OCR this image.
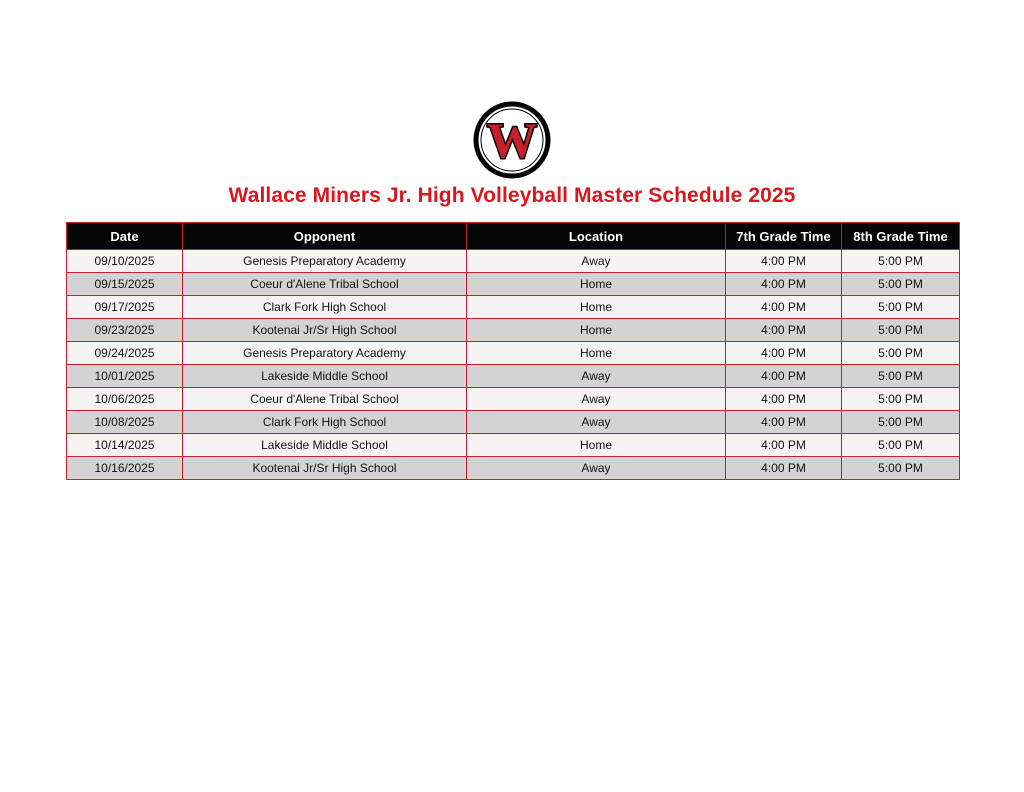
W
Wallace Miners Jr. High Volleyball Master Schedule 2025
Date	Opponent	Location	7th Grade Time	8th Grade Time
09/10/2025	Genesis Preparatory Academy	Away	4:00 PM	5:00 PM
09/15/2025	Coeur d'Alene Tribal School	Home	4:00 PM	5:00 PM
09/17/2025	Clark Fork High School	Home	4:00 PM	5:00 PM
09/23/2025	Kootenai Jr/Sr High School	Home	4:00 PM	5:00 PM
09/24/2025	Genesis Preparatory Academy	Home	4:00 PM	5:00 PM
10/01/2025	Lakeside Middle School	Away	4:00 PM	5:00 PM
10/06/2025	Coeur d'Alene Tribal School	Away	4:00 PM	5:00 PM
10/08/2025	Clark Fork High School	Away	4:00 PM	5:00 PM
10/14/2025	Lakeside Middle School	Home	4:00 PM	5:00 PM
10/16/2025	Kootenai Jr/Sr High School	Away	4:00 PM	5:00 PM
